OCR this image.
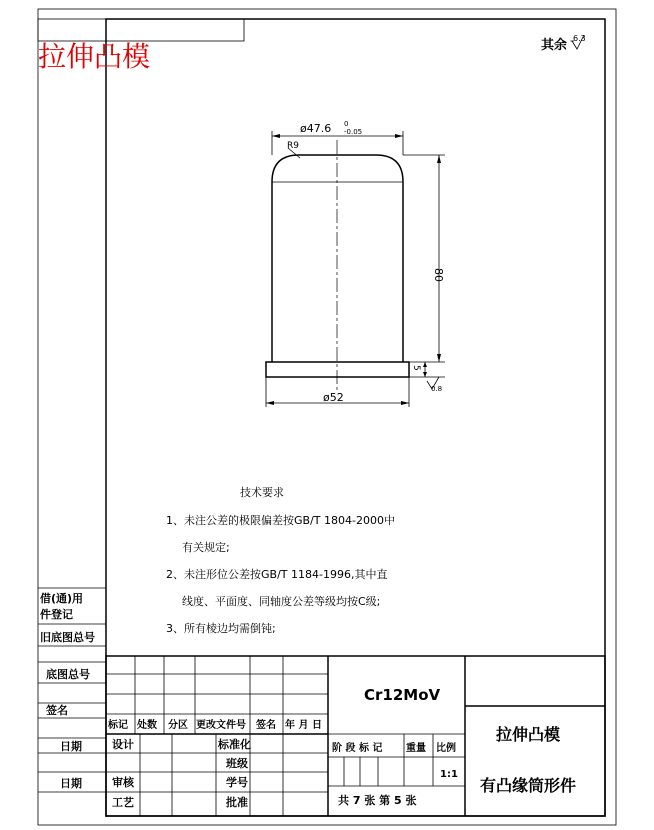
拉伸凸模	其余 6.3
ø47.6 0
-0.05
R9
80
5
0.8
ø52
技术要求
1、未注公差的极限偏差按GB/T 1804-2000中
有关规定;
2、未注形位公差按GB/T 1184-1996,其中直
线度、平面度、同轴度公差等级均按C级;
3、所有棱边均需倒钝;
借(通)用
件登记
旧底图总号
底图总号
签名
日期
日期
标记 处数 分区 更改文件号 签名 年 月 日
设计	标准化
班级
审核	学号
工艺	批准
Cr12MoV
阶 段 标 记 重量 比例
1:1
共 7 张 第 5 张
拉伸凸模
有凸缘筒形件
